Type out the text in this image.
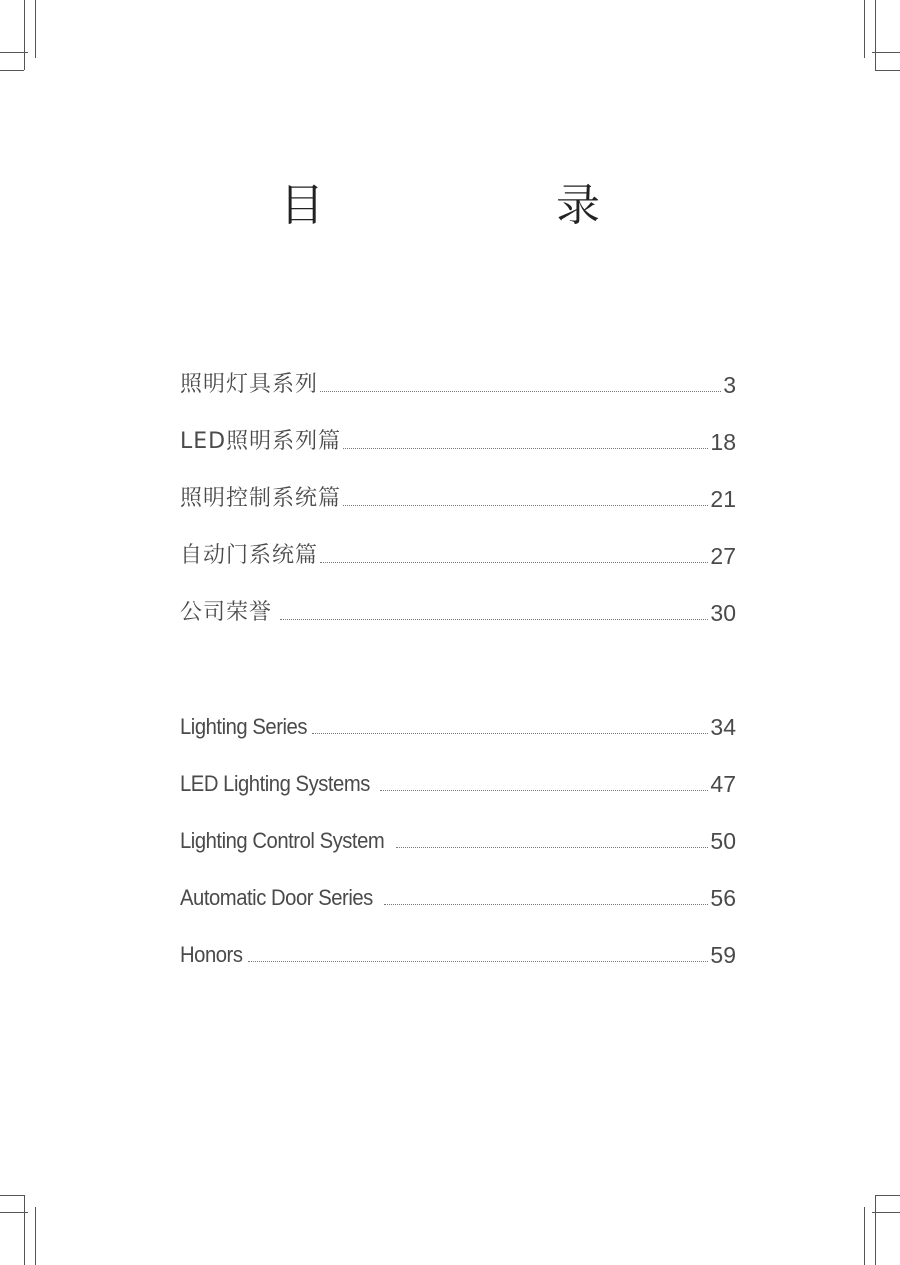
目	录
照明灯具系列	3
LED照明系列篇	18
照明控制系统篇	21
自动门系统篇	27
公司荣誉	30
Lighting Series	34
LED Lighting Systems	47
Lighting Control System	50
Automatic Door Series	56
Honors	59
